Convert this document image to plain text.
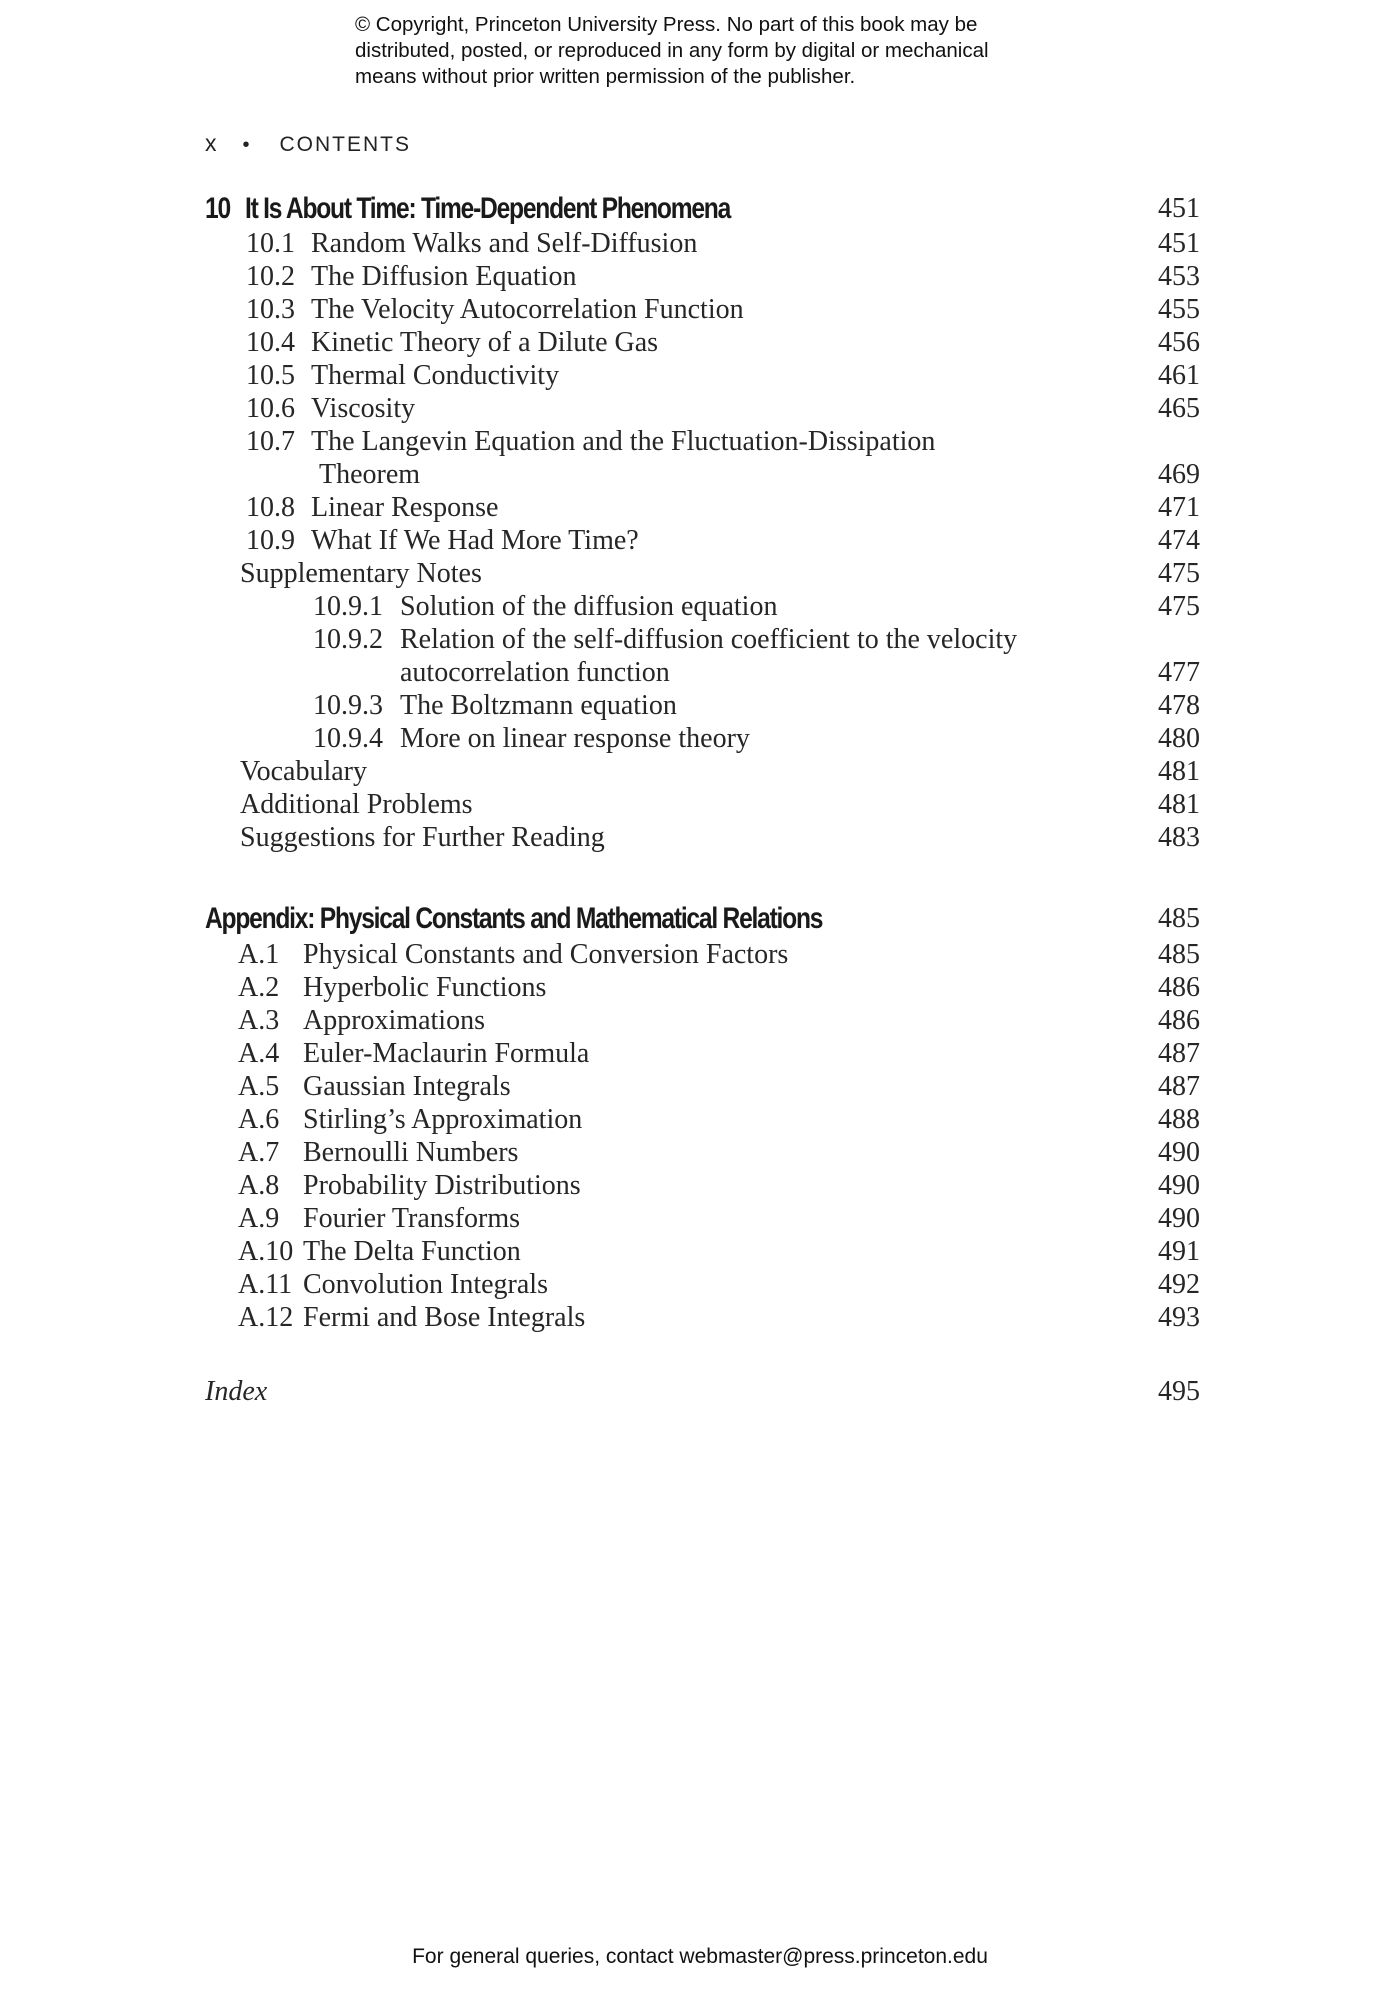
© Copyright, Princeton University Press. No part of this book may be
distributed, posted, or reproduced in any form by digital or mechanical
means without prior written permission of the publisher.
x • CONTENTS
10 It Is About Time: Time-Dependent Phenomena	451
10.1 Random Walks and Self-Diffusion	451
10.2 The Diffusion Equation	453
10.3 The Velocity Autocorrelation Function	455
10.4 Kinetic Theory of a Dilute Gas	456
10.5 Thermal Conductivity	461
10.6 Viscosity	465
10.7 The Langevin Equation and the Fluctuation-Dissipation
Theorem	469
10.8 Linear Response	471
10.9 What If We Had More Time?	474
Supplementary Notes	475
10.9.1 Solution of the diffusion equation	475
10.9.2 Relation of the self-diffusion coefficient to the velocity
autocorrelation function	477
10.9.3 The Boltzmann equation	478
10.9.4 More on linear response theory	480
Vocabulary	481
Additional Problems	481
Suggestions for Further Reading	483
Appendix: Physical Constants and Mathematical Relations	485
A.1 Physical Constants and Conversion Factors	485
A.2 Hyperbolic Functions	486
A.3 Approximations	486
A.4 Euler-Maclaurin Formula	487
A.5 Gaussian Integrals	487
A.6 Stirling’s Approximation	488
A.7 Bernoulli Numbers	490
A.8 Probability Distributions	490
A.9 Fourier Transforms	490
A.10 The Delta Function	491
A.11 Convolution Integrals	492
A.12 Fermi and Bose Integrals	493
Index	495
For general queries, contact webmaster@press.princeton.edu
